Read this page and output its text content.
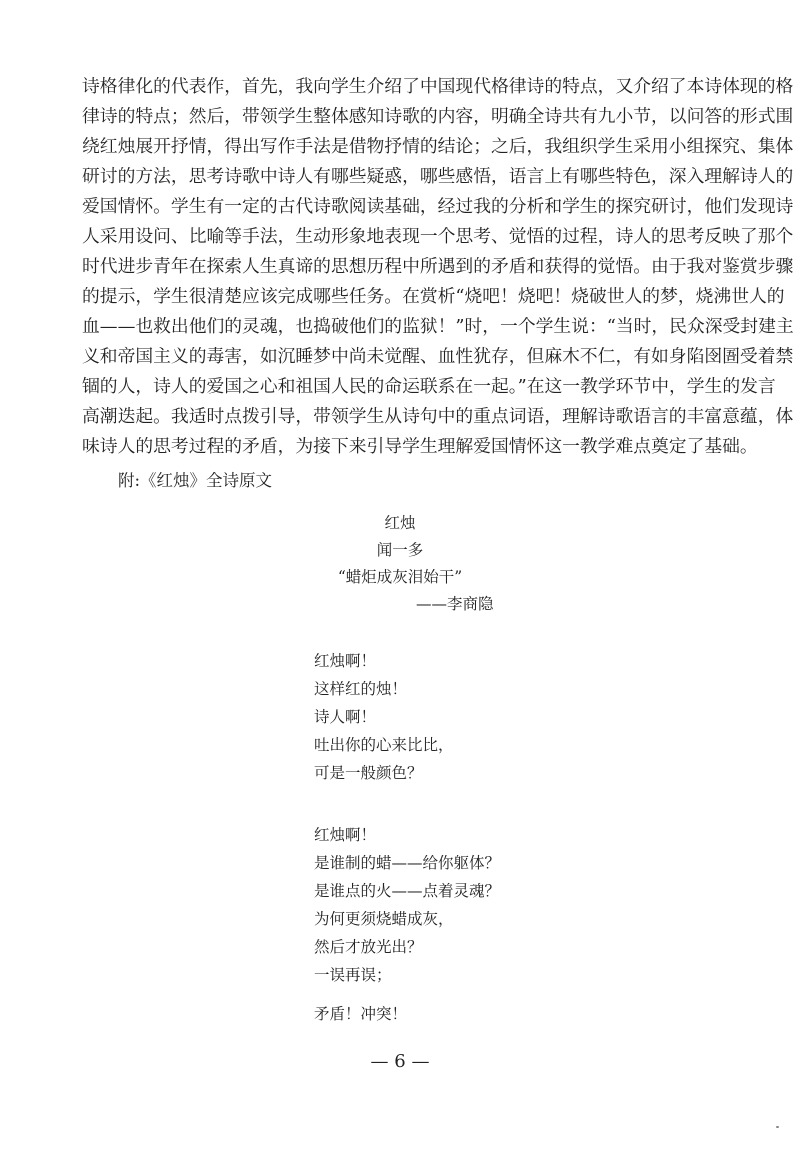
诗格律化的代表作，首先，我向学生介绍了中国现代格律诗的特点，又介绍了本诗体现的格
律诗的特点；然后，带领学生整体感知诗歌的内容，明确全诗共有九小节，以问答的形式围
绕红烛展开抒情，得出写作手法是借物抒情的结论；之后，我组织学生采用小组探究、集体
研讨的方法，思考诗歌中诗人有哪些疑惑，哪些感悟，语言上有哪些特色，深入理解诗人的
爱国情怀。学生有一定的古代诗歌阅读基础，经过我的分析和学生的探究研讨，他们发现诗
人采用设问、比喻等手法，生动形象地表现一个思考、觉悟的过程，诗人的思考反映了那个
时代进步青年在探索人生真谛的思想历程中所遇到的矛盾和获得的觉悟。由于我对鉴赏步骤
的提示，学生很清楚应该完成哪些任务。在赏析“烧吧！烧吧！烧破世人的梦，烧沸世人的
血——也救出他们的灵魂，也捣破他们的监狱！”时，一个学生说：“当时，民众深受封建主
义和帝国主义的毒害，如沉睡梦中尚未觉醒、血性犹存，但麻木不仁，有如身陷囹圄受着禁
锢的人，诗人的爱国之心和祖国人民的命运联系在一起。”在这一教学环节中，学生的发言
高潮迭起。我适时点拨引导，带领学生从诗句中的重点词语，理解诗歌语言的丰富意蕴，体
味诗人的思考过程的矛盾，为接下来引导学生理解爱国情怀这一教学难点奠定了基础。
附:《红烛》全诗原文
红烛
闻一多
“蜡炬成灰泪始干”
——李商隐
红烛啊！
这样红的烛！
诗人啊！
吐出你的心来比比，
可是一般颜色？
红烛啊！
是谁制的蜡——给你躯体？
是谁点的火——点着灵魂？
为何更须烧蜡成灰，
然后才放光出？
一误再误；
矛盾！冲突！
— 6 —
